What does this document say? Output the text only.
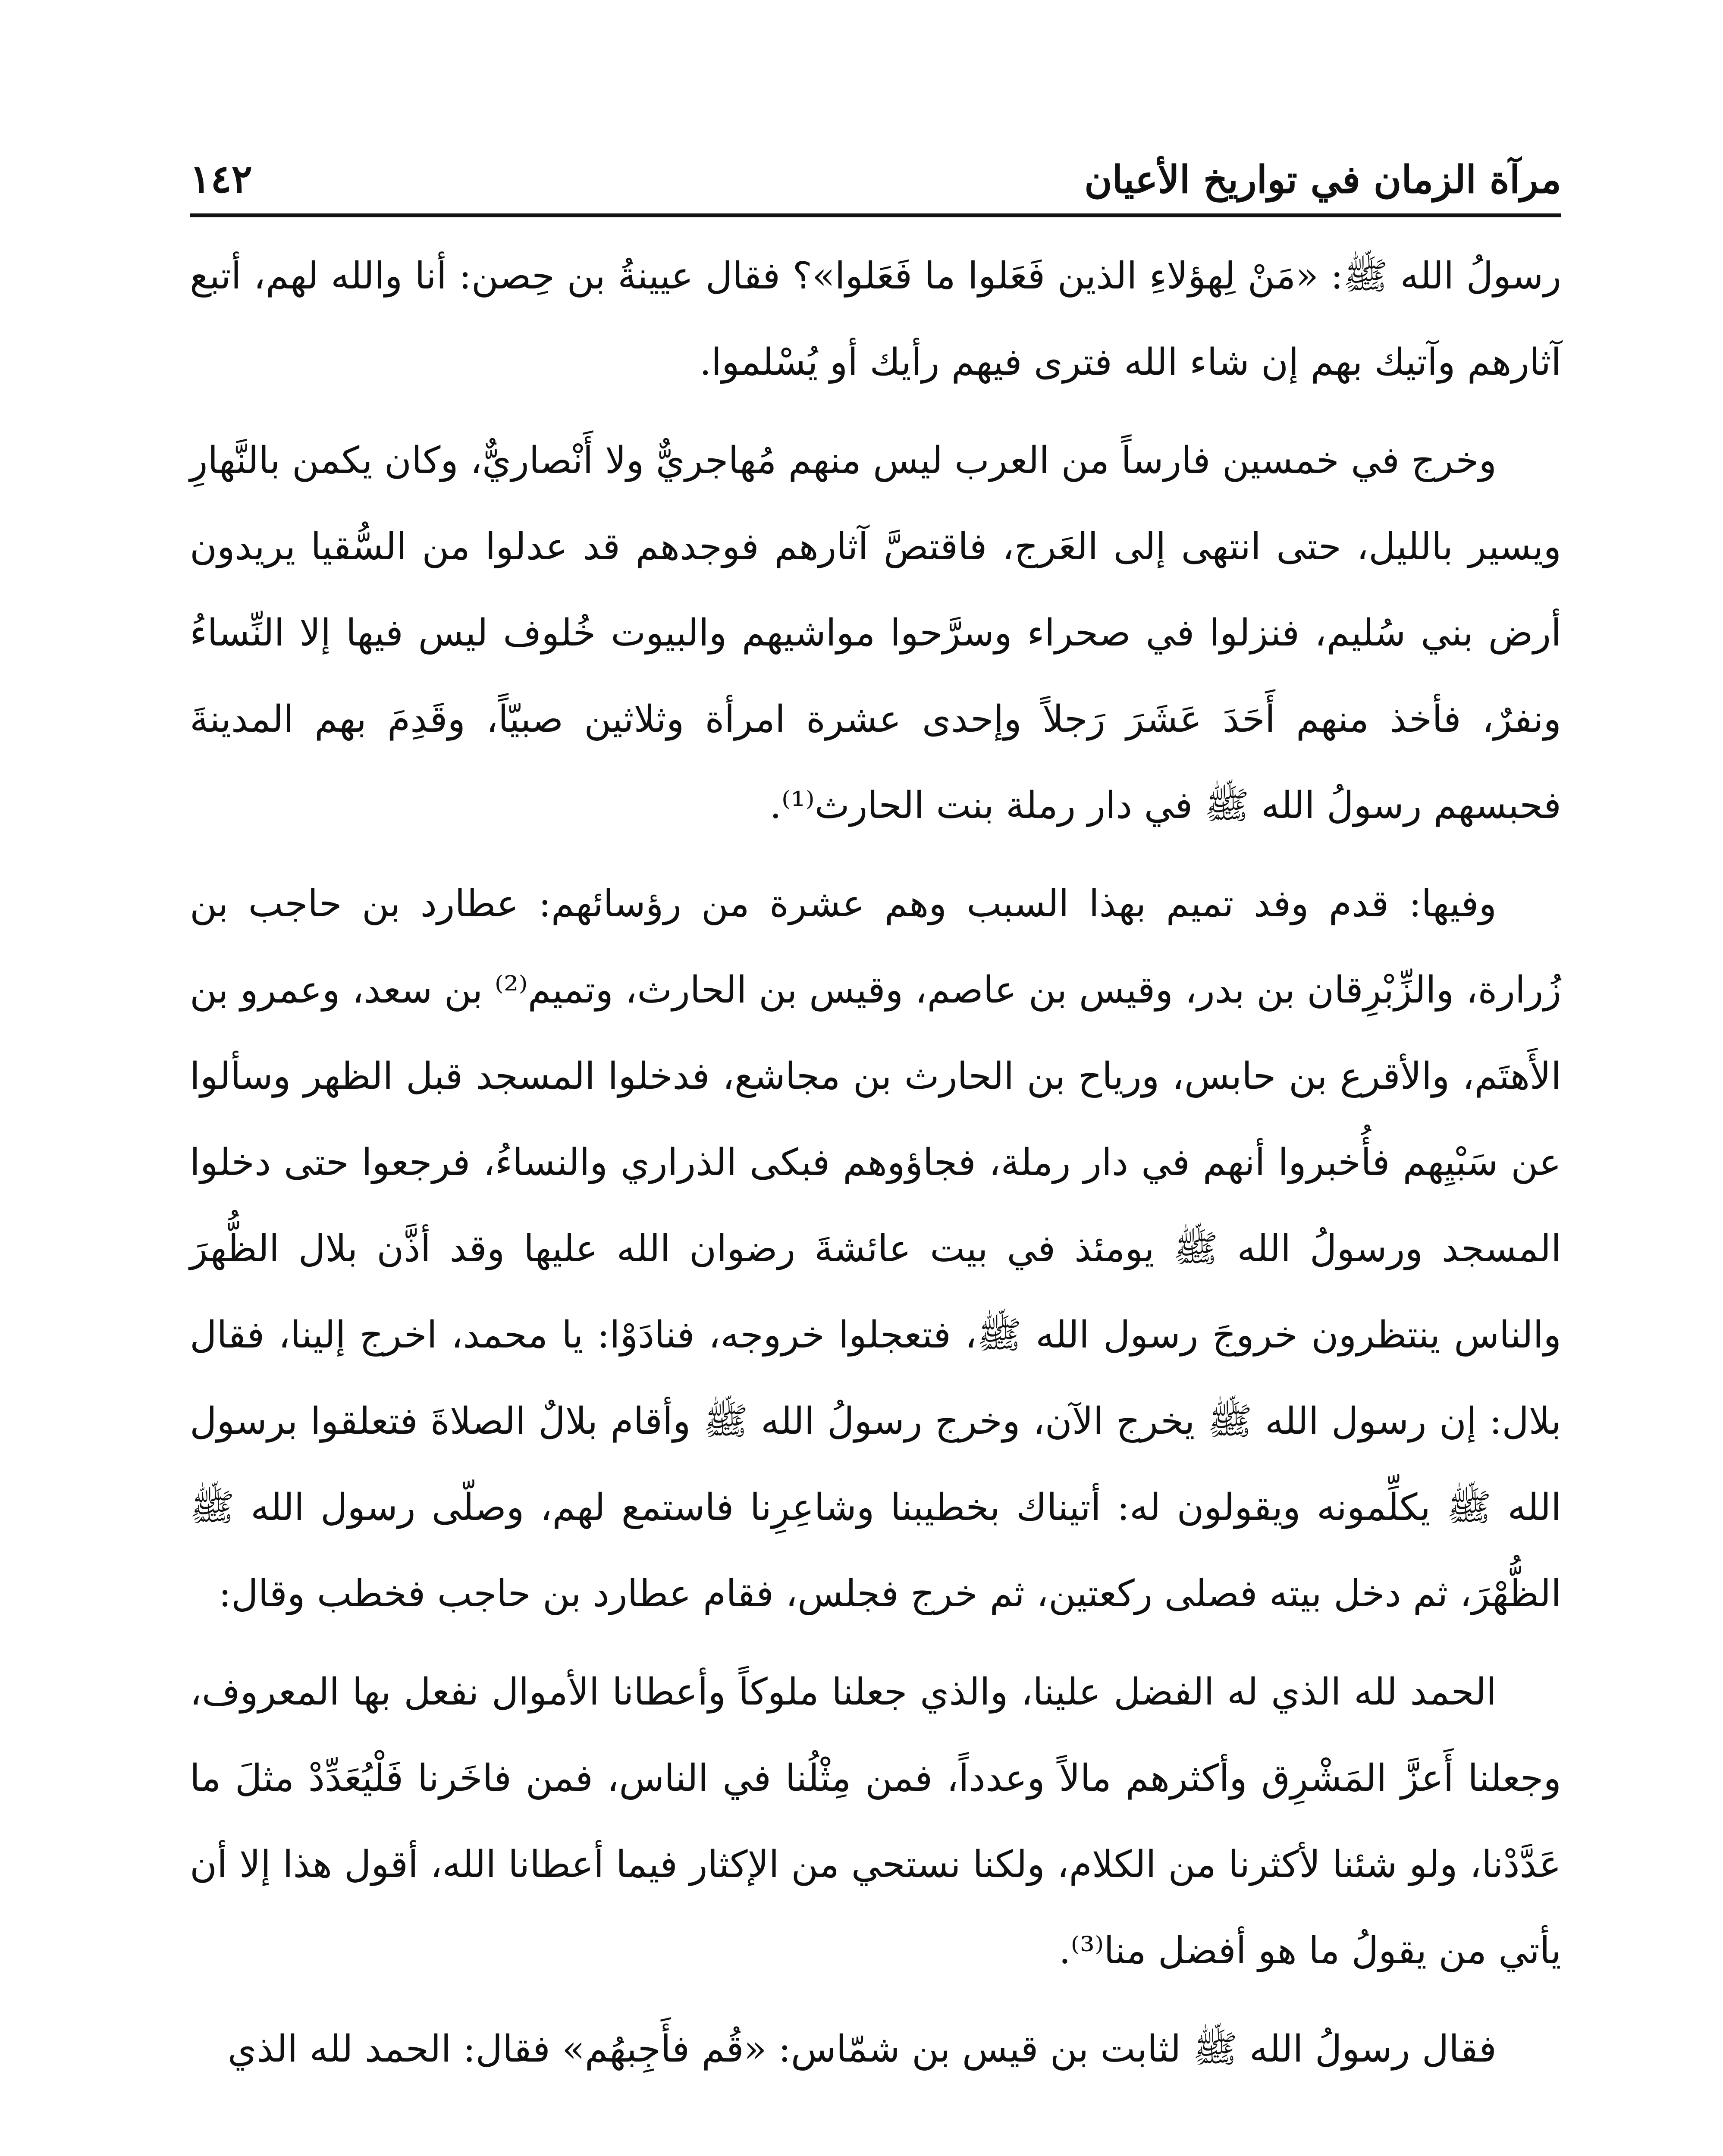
١٤٢	مرآة الزمان في تواريخ الأعيان

رسولُ الله ﷺ: «مَنْ لِهؤلاءِ الذين فَعَلوا ما فَعَلوا»؟ فقال عيينةُ بن حِصن: أنا والله لهم، أتبع آثارهم وآتيك بهم إن شاء الله فترى فيهم رأيك أو يُسْلموا.

وخرج في خمسين فارساً من العرب ليس منهم مُهاجريٌّ ولا أَنْصاريٌّ، وكان يكمن بالنَّهارِ ويسير بالليل، حتى انتهى إلى العَرج، فاقتصَّ آثارهم فوجدهم قد عدلوا من السُّقيا يريدون أرض بني سُليم، فنزلوا في صحراء وسرَّحوا مواشيهم والبيوت خُلوف ليس فيها إلا النِّساءُ ونفرٌ، فأخذ منهم أَحَدَ عَشَرَ رَجلاً وإحدى عشرة امرأة وثلاثين صبيّاً، وقَدِمَ بهم المدينةَ فحبسهم رسولُ الله ﷺ في دار رملة بنت الحارث⁽¹⁾.

وفيها: قدم وفد تميم بهذا السبب وهم عشرة من رؤسائهم: عطارد بن حاجب بن زُرارة، والزِّبْرِقان بن بدر، وقيس بن عاصم، وقيس بن الحارث، وتميم⁽²⁾ بن سعد، وعمرو بن الأَهتَم، والأقرع بن حابس، ورياح بن الحارث بن مجاشع، فدخلوا المسجد قبل الظهر وسألوا عن سَبْيِهم فأُخبروا أنهم في دار رملة، فجاؤوهم فبكى الذراري والنساءُ، فرجعوا حتى دخلوا المسجد ورسولُ الله ﷺ يومئذ في بيت عائشةَ رضوان الله عليها وقد أذَّن بلال الظُّهرَ والناس ينتظرون خروجَ رسول الله ﷺ، فتعجلوا خروجه، فنادَوْا: يا محمد، اخرج إلينا، فقال بلال: إن رسول الله ﷺ يخرج الآن، وخرج رسولُ الله ﷺ وأقام بلالٌ الصلاةَ فتعلقوا برسول الله ﷺ يكلِّمونه ويقولون له: أتيناك بخطيبنا وشاعِرِنا فاستمع لهم، وصلّى رسول الله ﷺ الظُّهْرَ، ثم دخل بيته فصلى ركعتين، ثم خرج فجلس، فقام عطارد بن حاجب فخطب وقال:

الحمد لله الذي له الفضل علينا، والذي جعلنا ملوكاً وأعطانا الأموال نفعل بها المعروف، وجعلنا أَعزَّ المَشْرِق وأكثرهم مالاً وعدداً، فمن مِثْلُنا في الناس، فمن فاخَرنا فَلْيُعَدِّدْ مثلَ ما عَدَّدْنا، ولو شئنا لأكثرنا من الكلام، ولكنا نستحي من الإكثار فيما أعطانا الله، أقول هذا إلا أن يأتي من يقولُ ما هو أفضل منا⁽³⁾.

فقال رسولُ الله ﷺ لثابت بن قيس بن شمّاس: «قُم فأَجِبهُم» فقال: الحمد لله الذي
